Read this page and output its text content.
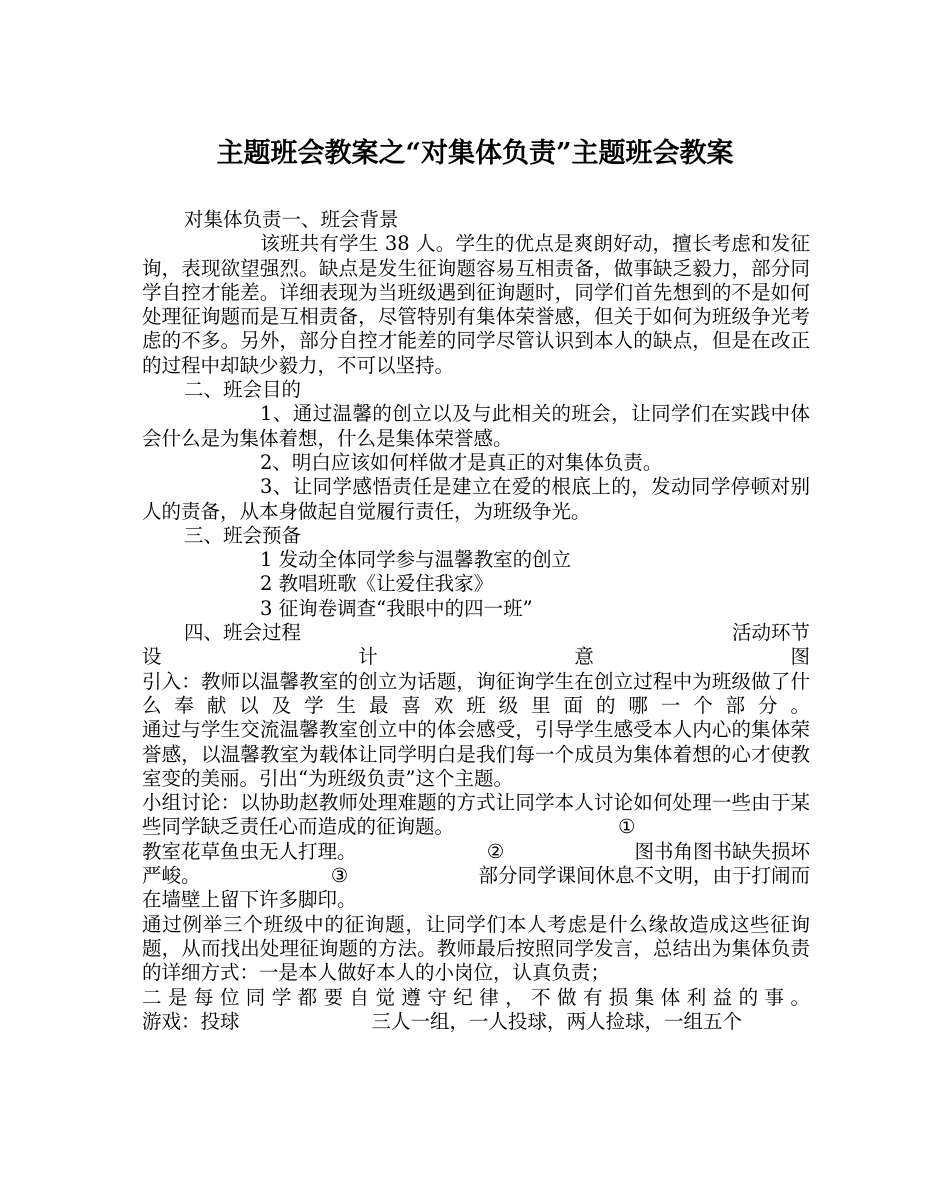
主题班会教案之“对集体负责”主题班会教案

对集体负责一、班会背景

该班共有学生 38 人。学生的优点是爽朗好动，擅长考虑和发征询，表现欲望强烈。缺点是发生征询题容易互相责备，做事缺乏毅力，部分同学自控才能差。详细表现为当班级遇到征询题时，同学们首先想到的不是如何处理征询题而是互相责备，尽管特别有集体荣誉感，但关于如何为班级争光考虑的不多。另外，部分自控才能差的同学尽管认识到本人的缺点，但是在改正的过程中却缺少毅力，不可以坚持。

二、班会目的

1、通过温馨的创立以及与此相关的班会，让同学们在实践中体会什么是为集体着想，什么是集体荣誉感。

2、明白应该如何样做才是真正的对集体负责。

3、让同学感悟责任是建立在爱的根底上的，发动同学停顿对别人的责备，从本身做起自觉履行责任，为班级争光。

三、班会预备

1 发动全体同学参与温馨教室的创立

2 教唱班歌《让爱住我家》

3 征询卷调查“我眼中的四一班”

四、班会过程	活动环节

设	计	意	图

引入：教师以温馨教室的创立为话题，询征询学生在创立过程中为班级做了什么奉献以及学生最喜欢班级里面的哪一个部分。

通过与学生交流温馨教室创立中的体会感受，引导学生感受本人内心的集体荣誉感，以温馨教室为载体让同学明白是我们每一个成员为集体着想的心才使教室变的美丽。引出“为班级负责”这个主题。

小组讨论：以协助赵教师处理难题的方式让同学本人讨论如何处理一些由于某些同学缺乏责任心而造成的征询题。	①

教室花草鱼虫无人打理。	②	图书角图书缺失损坏

严峻。	③	部分同学课间休息不文明，由于打闹而

在墙壁上留下许多脚印。

通过例举三个班级中的征询题，让同学们本人考虑是什么缘故造成这些征询题，从而找出处理征询题的方法。教师最后按照同学发言，总结出为集体负责的详细方式：一是本人做好本人的小岗位，认真负责；

二是每位同学都要自觉遵守纪律，不做有损集体利益的事。

游戏：投球	三人一组，一人投球，两人捡球，一组五个
